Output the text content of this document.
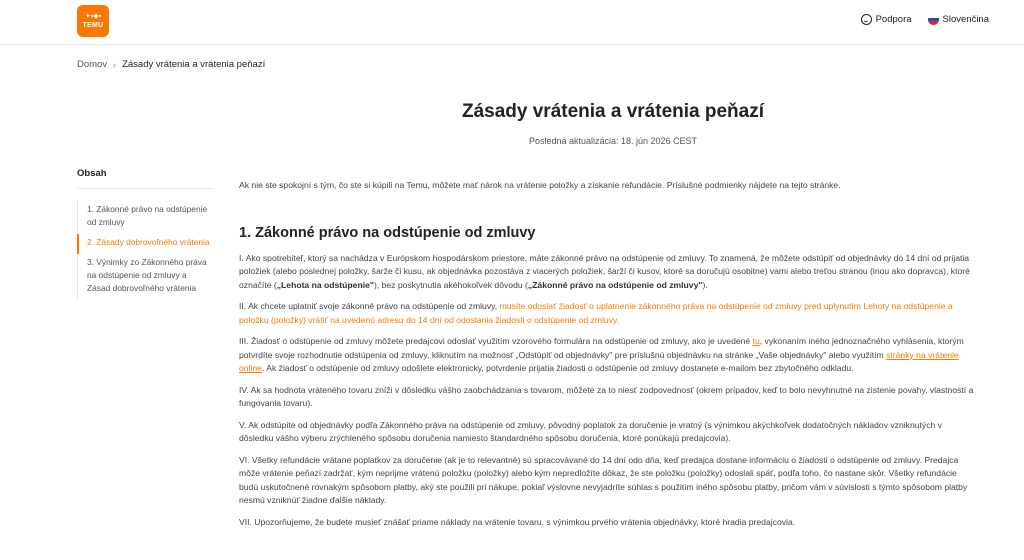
✦▪◆▪
TEMU	Podpora	Slovenčina
Domov › Zásady vrátenia a vrátenia peňazí
Zásady vrátenia a vrátenia peňazí
Posledná aktualizácia: 18. jún 2026 CEST
Obsah
1. Zákonné právo na odstúpenie od zmluvy
2. Zásady dobrovoľného vrátenia
3. Výnimky zo Zákonného práva na odstúpenie od zmluvy a Zásad dobrovoľného vrátenia

Ak nie ste spokojní s tým, čo ste si kúpili na Temu, môžete mať nárok na vrátenie položky a získanie refundácie. Príslušné podmienky nájdete na tejto stránke.

1. Zákonné právo na odstúpenie od zmluvy

I. Ako spotrebiteľ, ktorý sa nachádza v Európskom hospodárskom priestore, máte zákonné právo na odstúpenie od zmluvy. To znamená, že môžete odstúpiť od objednávky do 14 dní od prijatia položiek (alebo poslednej položky, šarže či kusu, ak objednávka pozostáva z viacerých položiek, šarží či kusov, ktoré sa doručujú osobitne) vami alebo treťou stranou (inou ako dopravca), ktoré označíte („Lehota na odstúpenie"), bez poskytnutia akéhokoľvek dôvodu („Zákonné právo na odstúpenie od zmluvy").

II. Ak chcete uplatniť svoje zákonné právo na odstúpenie od zmluvy, musíte odoslať žiadosť o uplatnenie zákonného práva na odstúpenie od zmluvy pred uplynutím Lehoty na odstúpenie a položku (položky) vrátiť na uvedenú adresu do 14 dní od odoslania žiadosti o odstúpenie od zmluvy.

III. Žiadosť o odstúpenie od zmluvy môžete predajcovi odoslať využitím vzorového formulára na odstúpenie od zmluvy, ako je uvedené tu, vykonaním iného jednoznačného vyhlásenia, ktorým potvrdíte svoje rozhodnutie odstúpenia od zmluvy, kliknutím na možnosť „Odstúpiť od objednávky" pre príslušnú objednávku na stránke „Vaše objednávky" alebo využitím stránky na vrátenie online. Ak žiadosť o odstúpenie od zmluvy odošlete elektronicky, potvrdenie prijatia žiadosti o odstúpenie od zmluvy dostanete e-mailom bez zbytočného odkladu.

IV. Ak sa hodnota vráteného tovaru zníži v dôsledku vášho zaobchádzania s tovarom, môžete za to niesť zodpovednosť (okrem prípadov, keď to bolo nevyhnutné na zistenie povahy, vlastností a fungovania tovaru).

V. Ak odstúpite od objednávky podľa Zákonného práva na odstúpenie od zmluvy, pôvodný poplatok za doručenie je vratný (s výnimkou akýchkoľvek dodatočných nákladov vzniknutých v dôsledku vášho výberu zrýchleného spôsobu doručenia namiesto štandardného spôsobu doručenia, ktoré ponúkajú predajcovia).

VI. Všetky refundácie vrátane poplatkov za doručenie (ak je to relevantné) sú spracovávané do 14 dní odo dňa, keď predajca dostane informáciu o žiadosti o odstúpenie od zmluvy. Predajca môže vrátenie peňazí zadržať, kým neprijme vrátenú položku (položky) alebo kým nepredložíte dôkaz, že ste položku (položky) odoslali späť, podľa toho, čo nastane skôr. Všetky refundácie budú uskutočnené rovnakým spôsobom platby, aký ste použili pri nákupe, pokiaľ výslovne nevyjadríte súhlas s použitím iného spôsobu platby, pričom vám v súvislosti s týmto spôsobom platby nesmú vzniknúť žiadne ďalšie náklady.

VII. Upozorňujeme, že budete musieť znášať priame náklady na vrátenie tovaru, s výnimkou prvého vrátenia objednávky, ktoré hradia predajcovia.
